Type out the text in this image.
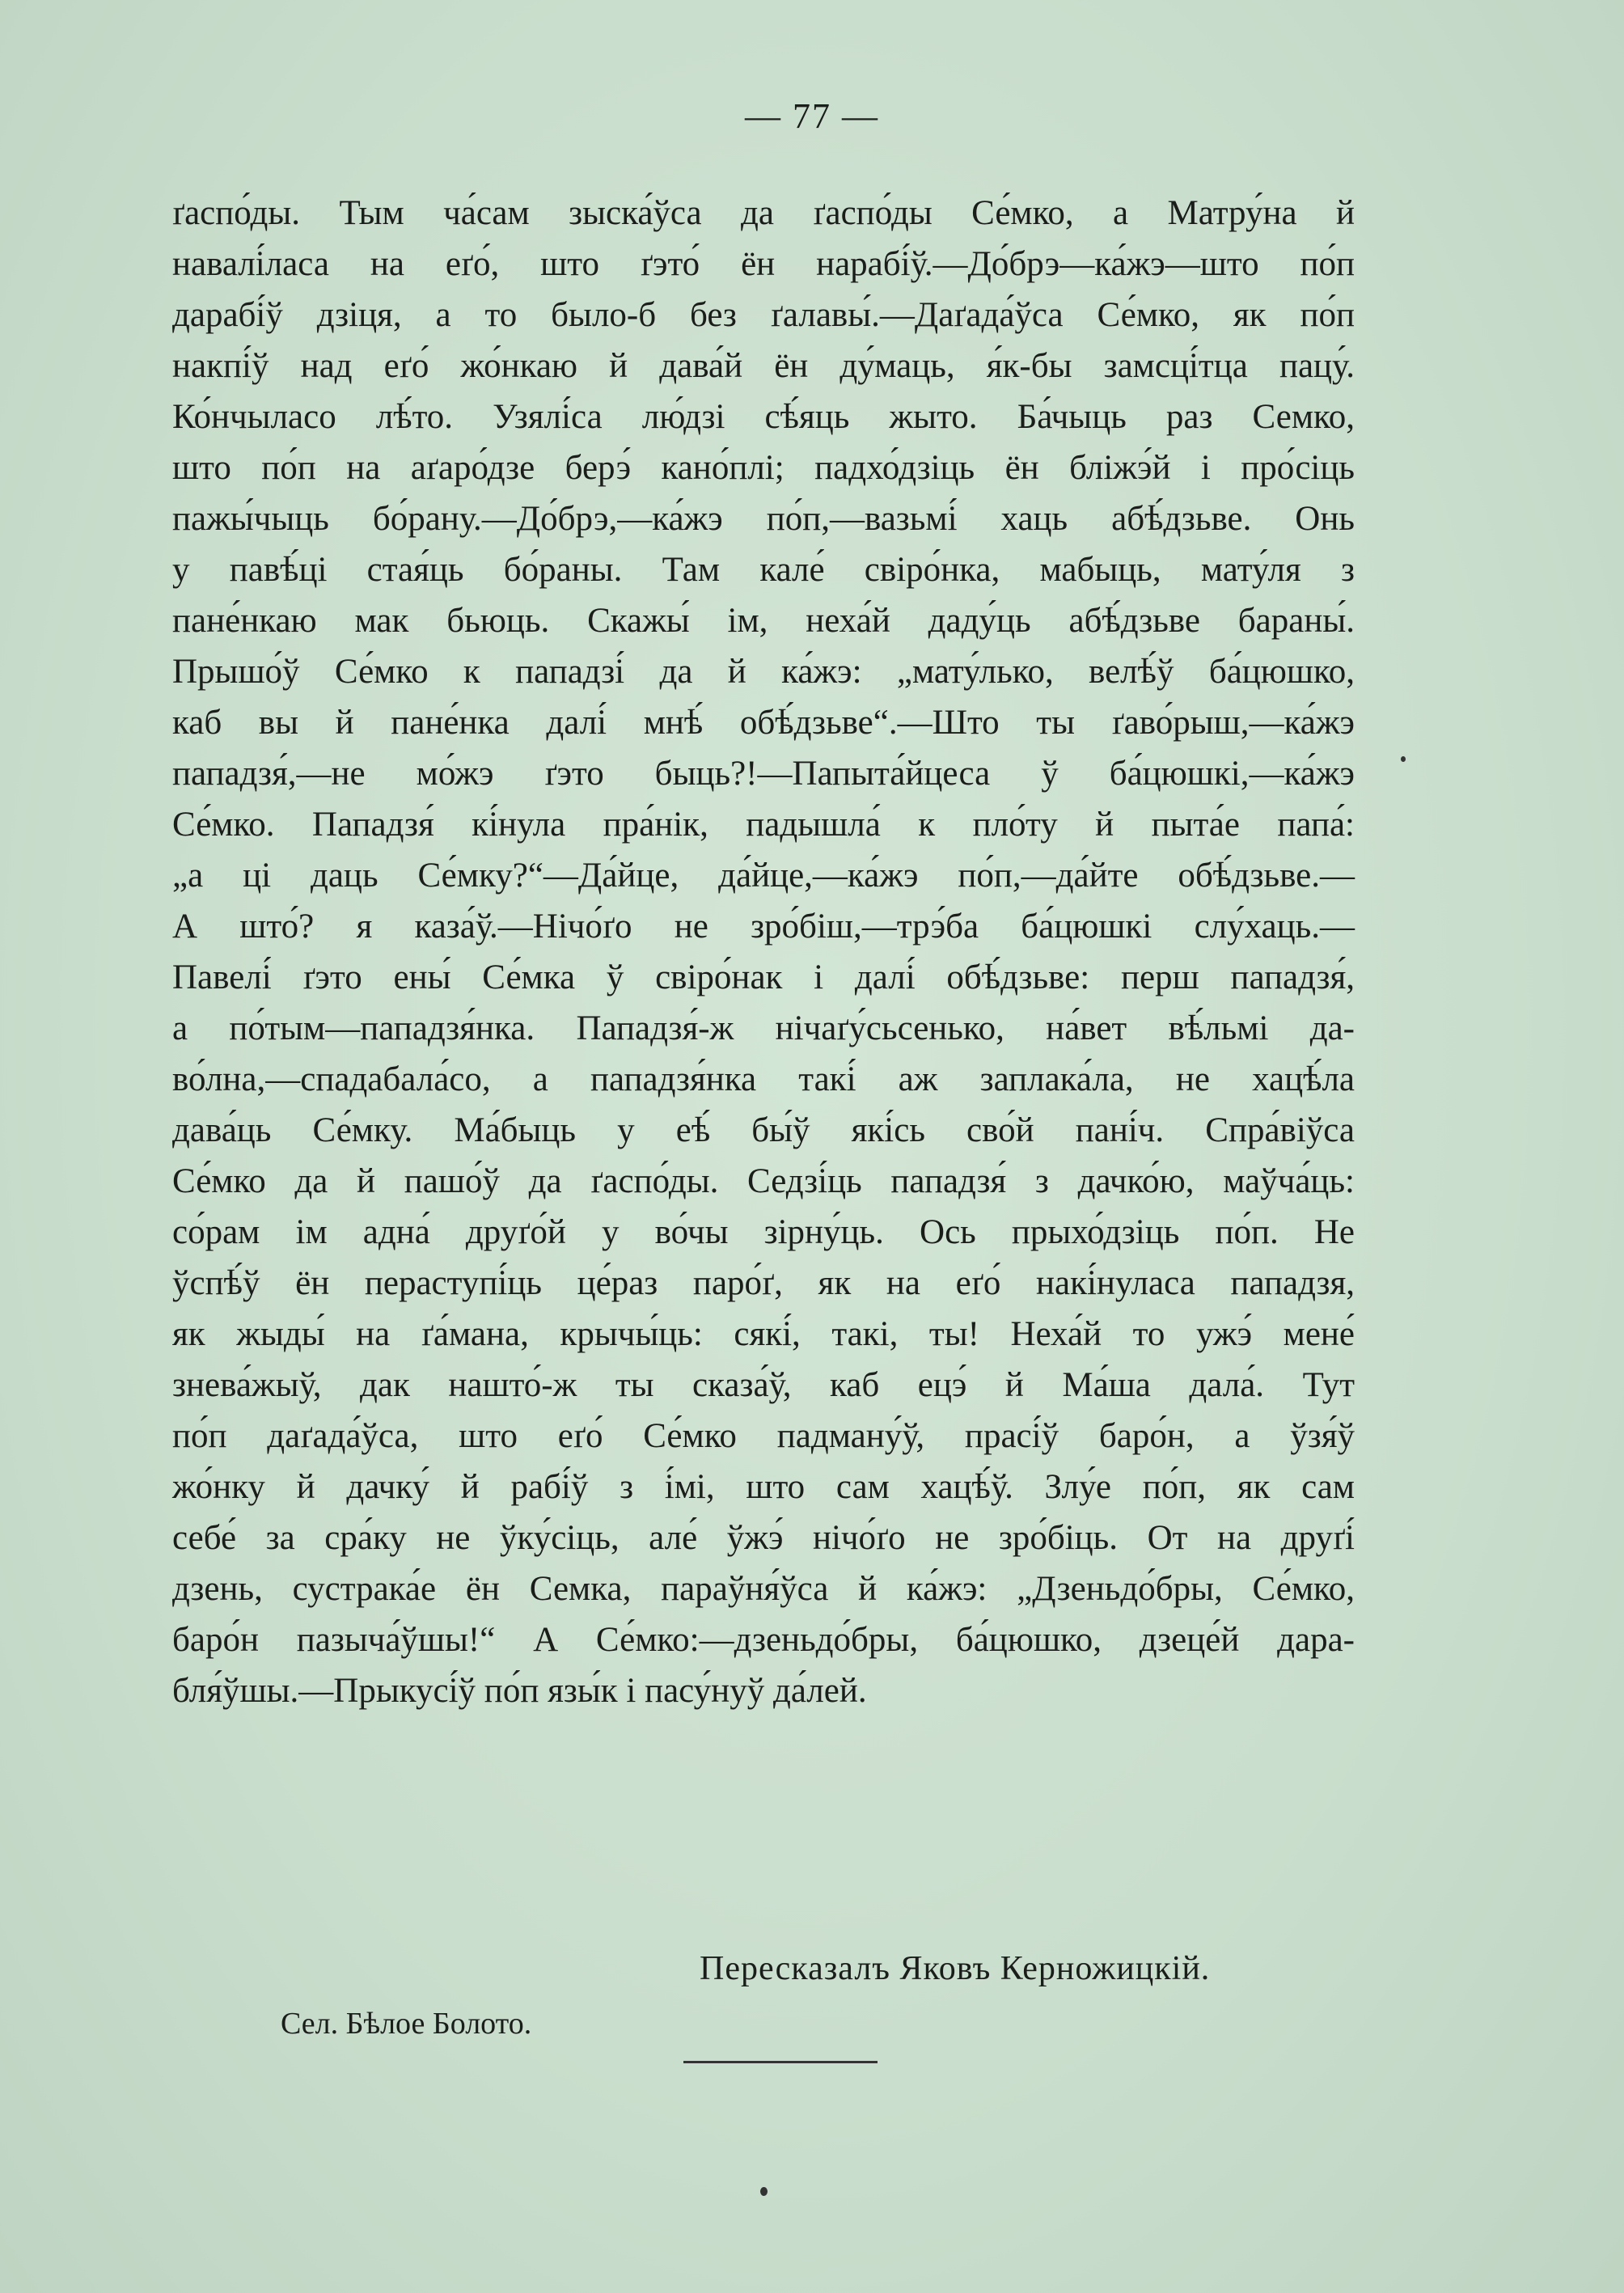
— 77 —
ґаспо́ды. Тым ча́сам зыска́ўса да ґаспо́ды Се́мко, а Матру́на й
навалі́ласа на еґо́, што ґэто́ ён нарабі́ў.—До́брэ—ка́жэ—што по́п
дарабі́ў дзіця, а то было-б без ґалавы́.—Даґада́ўса Се́мко, як по́п
накпі́ў над еґо́ жо́нкаю й дава́й ён ду́маць, я́к-бы замсці́тца пацу́.
Ко́нчыласо лѣ́то. Узялі́са лю́дзі сѣ́яць жыто. Ба́чыць раз Семко,
што по́п на аґаро́дзе берэ́ кано́плі; падхо́дзіць ён бліжэ́й і про́сіць
пажы́чыць бо́рану.—До́брэ,—ка́жэ по́п,—вазьмі́ хаць абѣ́дзьве. Онь
у павѣ́ці стая́ць бо́раны. Там кале́ свіро́нка, мабыць, мату́ля з
пане́нкаю мак бьюць. Скажы́ ім, неха́й даду́ць абѣ́дзьве бараны́.
Прышо́ў Се́мко к пападзі́ да й ка́жэ: „мату́лько, велѣ́ў ба́цюшко,
каб вы й пане́нка далі́ мнѣ́ обѣ́дзьве“.—Што ты ґаво́рыш,—ка́жэ
пападзя́,—не мо́жэ ґэто быць?!—Папыта́йцеса ў ба́цюшкі,—ка́жэ
Се́мко. Пападзя́ кі́нула пра́нік, падышла́ к пло́ту й пыта́е папа́:
„а ці даць Се́мку?“—Да́йце, да́йце,—ка́жэ по́п,—да́йте обѣ́дзьве.—
А што́? я каза́ў.—Нічо́ґо не зро́біш,—трэ́ба ба́цюшкі слу́хаць.—
Павелі́ ґэто ены́ Се́мка ў свіро́нак і далі́ обѣ́дзьве: перш пападзя́,
а по́тым—пападзя́нка. Пападзя́-ж нічаґу́сьсенько, на́вет вѣ́льмі да-
во́лна,—спадабала́со, а пападзя́нка такі́ аж заплака́ла, не хацѣ́ла
дава́ць Се́мку. Ма́быць у еѣ́ бы́ў які́сь сво́й пані́ч. Спра́віўса
Се́мко да й пашо́ў да ґаспо́ды. Седзі́ць пападзя́ з дачко́ю, маўча́ць:
со́рам ім адна́ друґо́й у во́чы зірну́ць. Ось прыхо́дзіць по́п. Не
ўспѣ́ў ён пераступі́ць це́раз паро́ґ, як на еґо́ накі́нуласа пападзя,
як жыды́ на ґа́мана, крычы́ць: сякі́, такі, ты! Неха́й то ужэ́ мене́
знева́жыў, дак нашто́-ж ты сказа́ў, каб ецэ́ й Ма́ша дала́. Тут
по́п даґада́ўса, што еґо́ Се́мко падману́ў, прасі́ў баро́н, а ўзя́ў
жо́нку й дачку́ й рабі́ў з і́мі, што сам хацѣ́ў. Злу́е по́п, як сам
себе́ за сра́ку не ўку́сіць, але́ ўжэ́ нічо́ґо не зро́біць. От на друґі́
дзень, сустрака́е ён Семка, параўня́ўса й ка́жэ: „Дзеньдо́бры, Се́мко,
баро́н пазыча́ўшы!“ А Се́мко:—дзеньдо́бры, ба́цюшко, дзеце́й дара-
бля́ўшы.—Прыкусі́ў по́п язы́к і пасу́нуў да́лей.
Пересказалъ Яковъ Керножицкій.
Сел. Бѣлое Болото.
